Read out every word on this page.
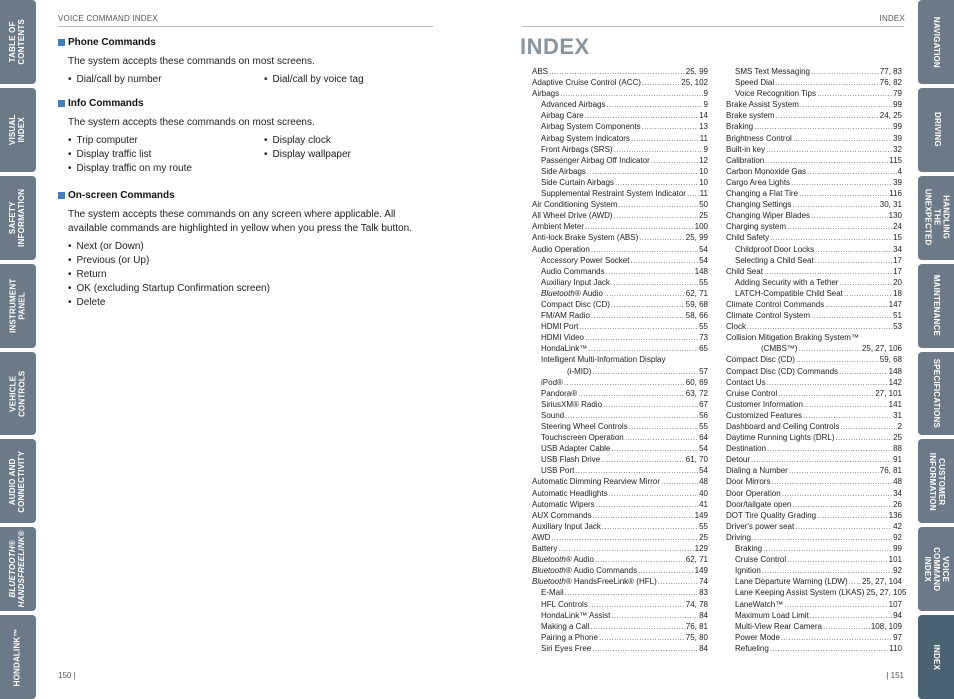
TABLE OF CONTENTS
VISUAL INDEX
SAFETY
INFORMATION
INSTRUMENT PANEL
VEHICLE
CONTROLS
AUDIO AND
CONNECTIVITY
BLUETOOTH®
HANDSFREELINK®
HONDALINK™
NAVIGATION
DRIVING
HANDLING THE
UNEXPECTED
MAINTENANCE
SPECIFICATIONS
CUSTOMER
INFORMATION
VOICE COMMAND
INDEX
INDEX
VOICE COMMAND INDEX	INDEX
Phone Commands
The system accepts these commands on most screens.
• Dial/call by number	• Dial/call by voice tag
Info Commands
The system accepts these commands on most screens.
• Trip computer	• Display clock
• Display traffic list	• Display wallpaper
• Display traffic on my route
On-screen Commands
The system accepts these commands on any screen where applicable. All available commands are highlighted in yellow when you press the Talk button.
• Next (or Down)
• Previous (or Up)
• Return
• OK (excluding Startup Confirmation screen)
• Delete
INDEX
ABS .....	25, 99
Adaptive Cruise Control (ACC) .....	25, 102
Airbags .....	9
Advanced Airbags .....	9
Airbag Care .....	14
Airbag System Components .....	13
Airbag System Indicators .....	11
Front Airbags (SRS) .....	9
Passenger Airbag Off Indicator .....	12
Side Airbags .....	10
Side Curtain Airbags .....	10
Supplemental Restraint System Indicator ..... 11
Air Conditioning System .....	50
All Wheel Drive (AWD) .....	25
Ambient Meter .....	100
Anti-lock Brake System (ABS) .....	25, 99
Audio Operation .....	54
Accessory Power Socket .....	54
Audio Commands .....	148
Auxiliary Input Jack .....	55
Bluetooth® Audio .....	62, 71
Compact Disc (CD) .....	59, 68
FM/AM Radio .....	58, 66
HDMI Port .....	55
HDMI Video .....	73
HondaLink™ .....	65
Intelligent Multi-Information Display
(i-MID) .....	57
iPod® .....	60, 69
Pandora® .....	63, 72
SiriusXM® Radio .....	67
Sound .....	56
Steering Wheel Controls .....	55
Touchscreen Operation .....	64
USB Adapter Cable .....	54
USB Flash Drive .....	61, 70
USB Port .....	54
Automatic Dimming Rearview Mirror .....	48
Automatic Headlights .....	40
Automatic Wipers .....	41
AUX Commands .....	149
Auxiliary Input Jack .....	55
AWD .....	25
Battery .....	129
Bluetooth® Audio .....	62, 71
Bluetooth® Audio Commands .....	149
Bluetooth® HandsFreeLink® (HFL) .....	74
E-Mail .....	83
HFL Controls .....	74, 78
HondaLink™ Assist .....	84
Making a Call .....	76, 81
Pairing a Phone .....	75, 80
Siri Eyes Free .....	84
SMS Text Messaging .....	77, 83
Speed Dial .....	76, 82
Voice Recognition Tips .....	79
Brake Assist System .....	99
Brake system .....	24, 25
Braking .....	99
Brightness Control .....	39
Built-in key .....	32
Calibration .....	115
Carbon Monoxide Gas .....	4
Cargo Area Lights .....	39
Changing a Flat Tire .....	116
Changing Settings .....	30, 31
Changing Wiper Blades .....	130
Charging system .....	24
Child Safety .....	15
Childproof Door Locks .....	34
Selecting a Child Seat .....	17
Child Seat .....	17
Adding Security with a Tether .....	20
LATCH-Compatible Child Seat .....	18
Climate Control Commands .....	147
Climate Control System .....	51
Clock .....	53
Collision Mitigation Braking System™
(CMBS™) .....	25, 27, 106
Compact Disc (CD) .....	59, 68
Compact Disc (CD) Commands .....	148
Contact Us .....	142
Cruise Control .....	27, 101
Customer Information .....	141
Customized Features .....	31
Dashboard and Ceiling Controls .....	2
Daytime Running Lights (DRL) .....	25
Destination .....	88
Detour .....	91
Dialing a Number .....	76, 81
Door Mirrors .....	48
Door Operation .....	34
Door/tailgate open .....	26
DOT Tire Quality Grading .....	136
Driver's power seat .....	42
Driving .....	92
Braking .....	99
Cruise Control .....	101
Ignition .....	92
Lane Departure Warning (LDW) ..... 25, 27, 104
Lane Keeping Assist System (LKAS) 25, 27, 105
LaneWatch™ .....	107
Maximum Load Limit .....	94
Multi-View Rear Camera .....	108, 109
Power Mode .....	97
Refueling .....	110
150 |	| 151
